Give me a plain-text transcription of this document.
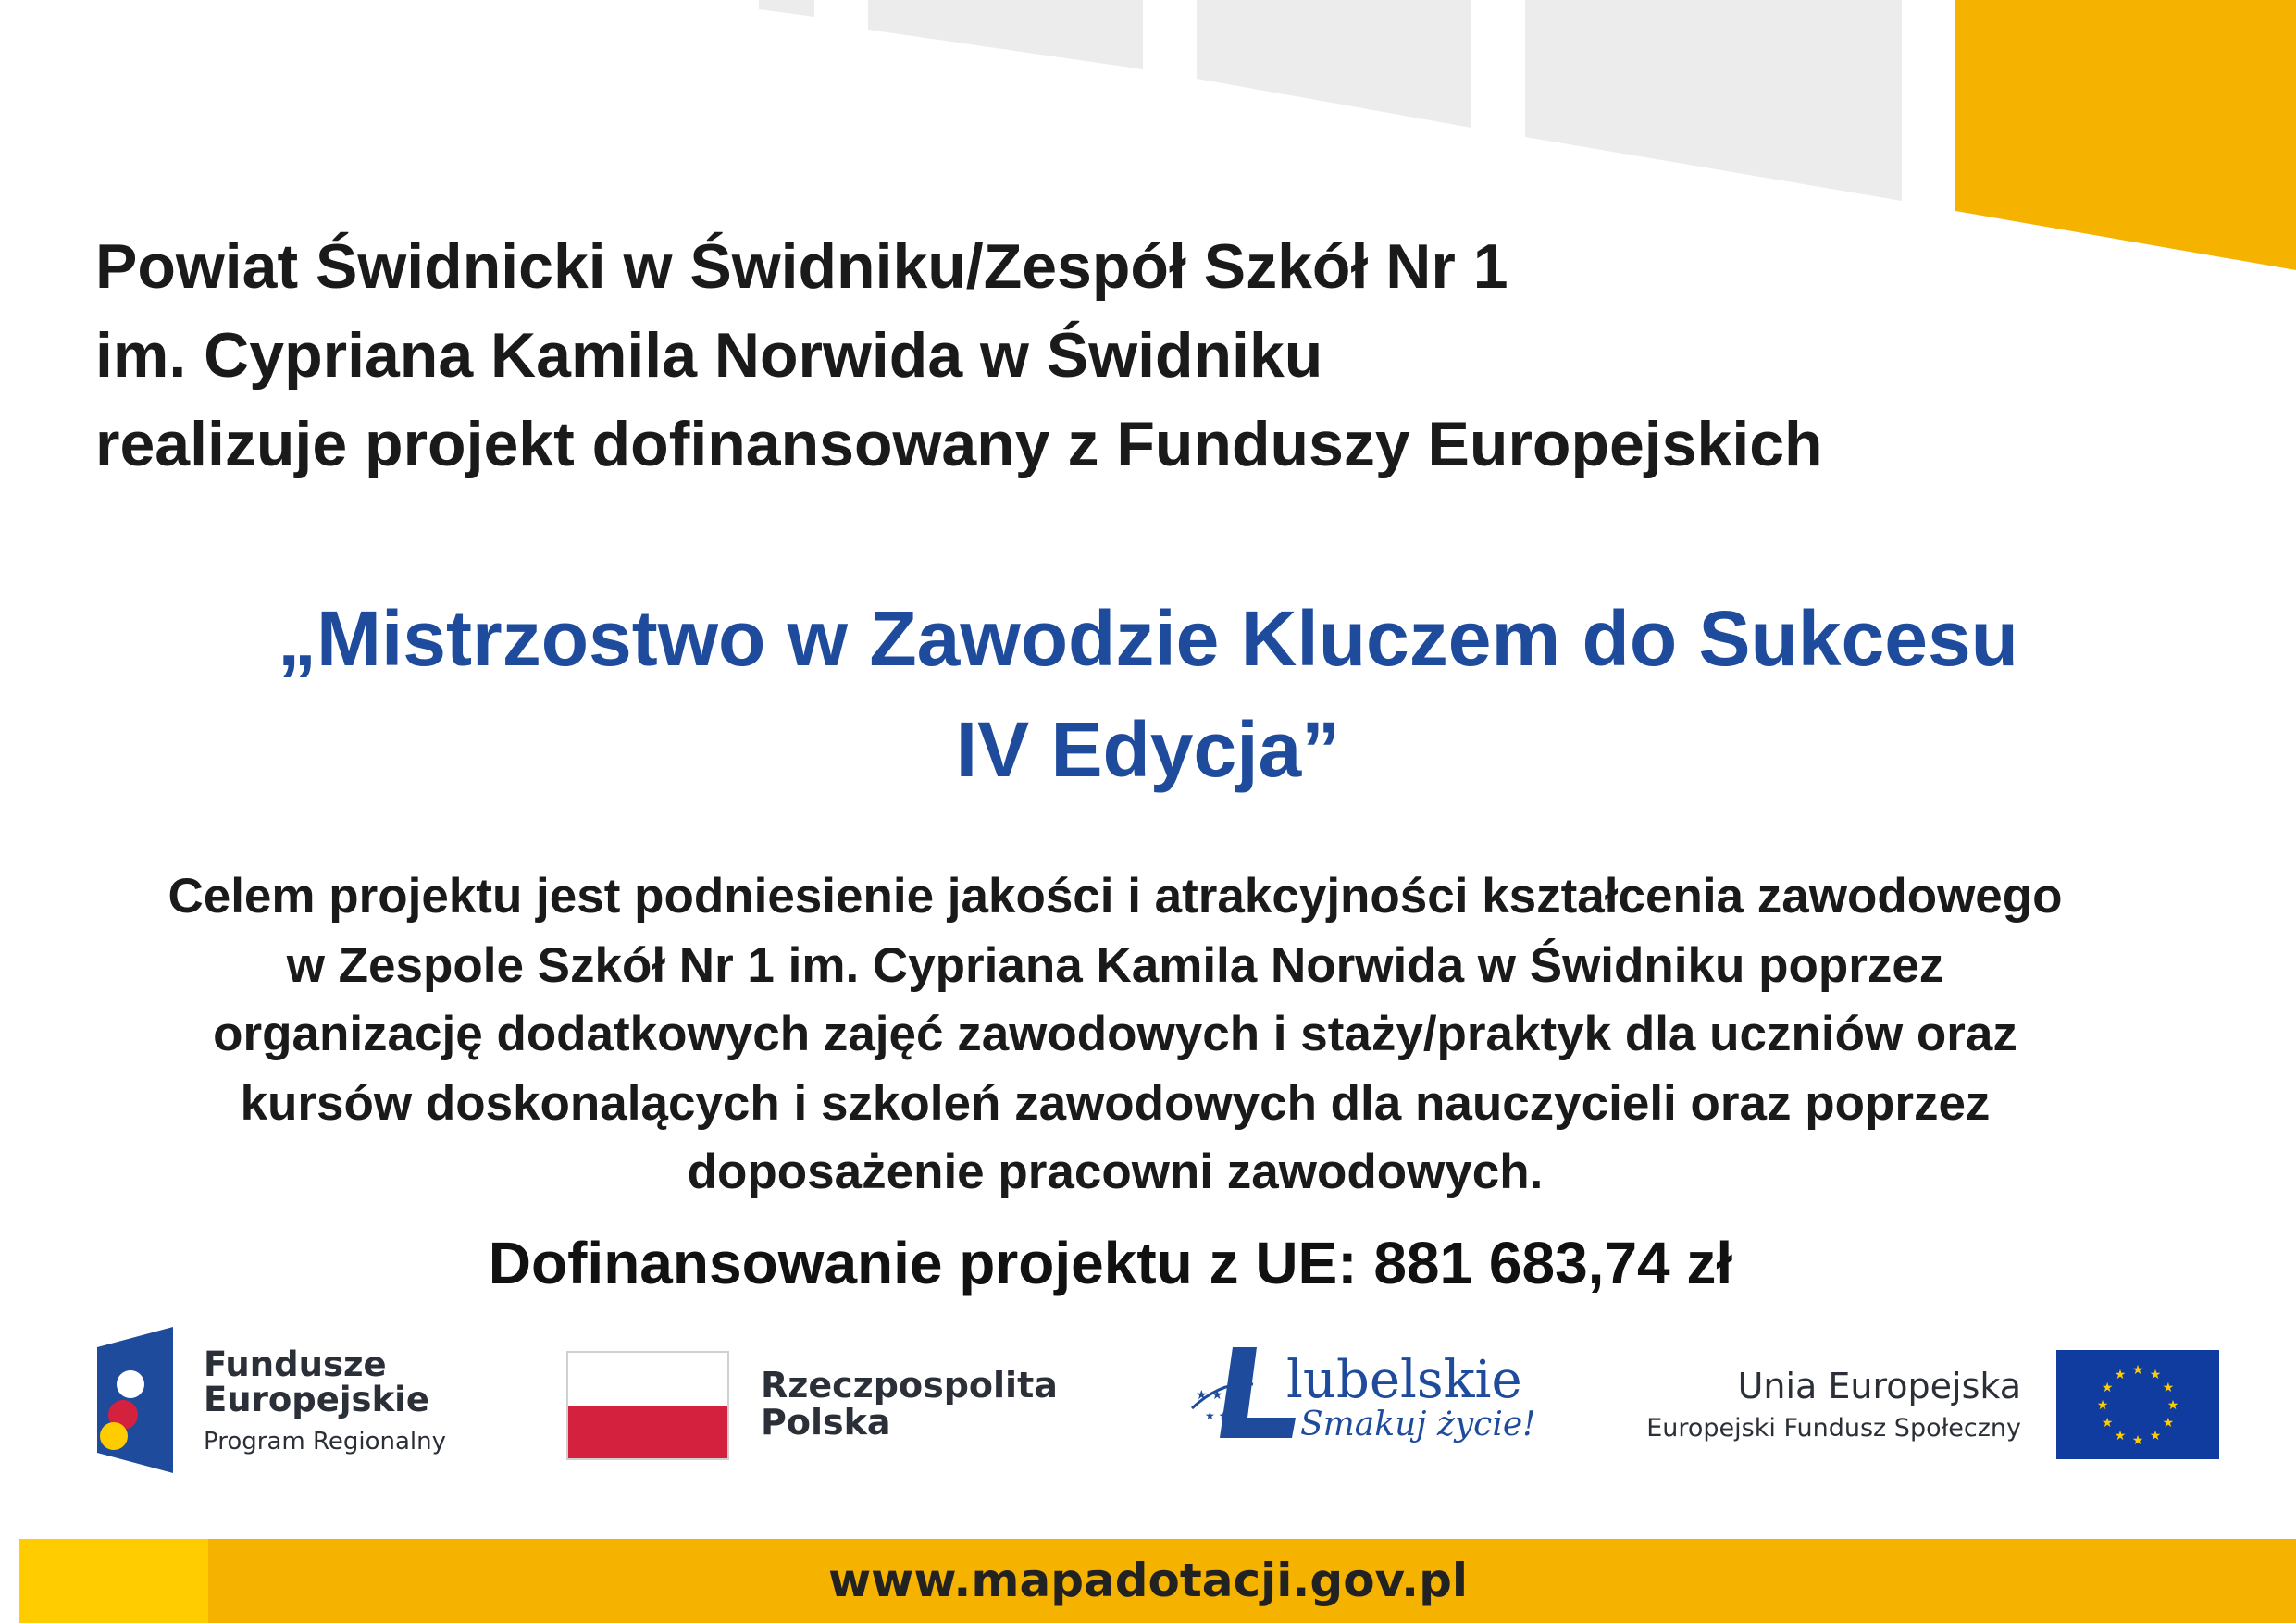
Powiat Świdnicki w Świdniku/Zespół Szkół Nr 1
im. Cypriana Kamila Norwida w Świdniku
realizuje projekt dofinansowany z Funduszy Europejskich

„Mistrzostwo w Zawodzie Kluczem do Sukcesu
IV Edycja”

Celem projektu jest podniesienie jakości i atrakcyjności kształcenia zawodowego
w Zespole Szkół Nr 1 im. Cypriana Kamila Norwida w Świdniku poprzez
organizację dodatkowych zajęć zawodowych i staży/praktyk dla uczniów oraz
kursów doskonalących i szkoleń zawodowych dla nauczycieli oraz poprzez
doposażenie pracowni zawodowych.

Dofinansowanie projektu z UE: 881 683,74 zł

Fundusze
Europejskie
Program Regionalny
Rzeczpospolita
Polska
★ ★ ★
★ ★
lubelskie
Smakuj życie!
Unia Europejska
Europejski Fundusz Społeczny
★ ★
★
★
★
★
★
★
★
★
★
★

www.mapadotacji.gov.pl
